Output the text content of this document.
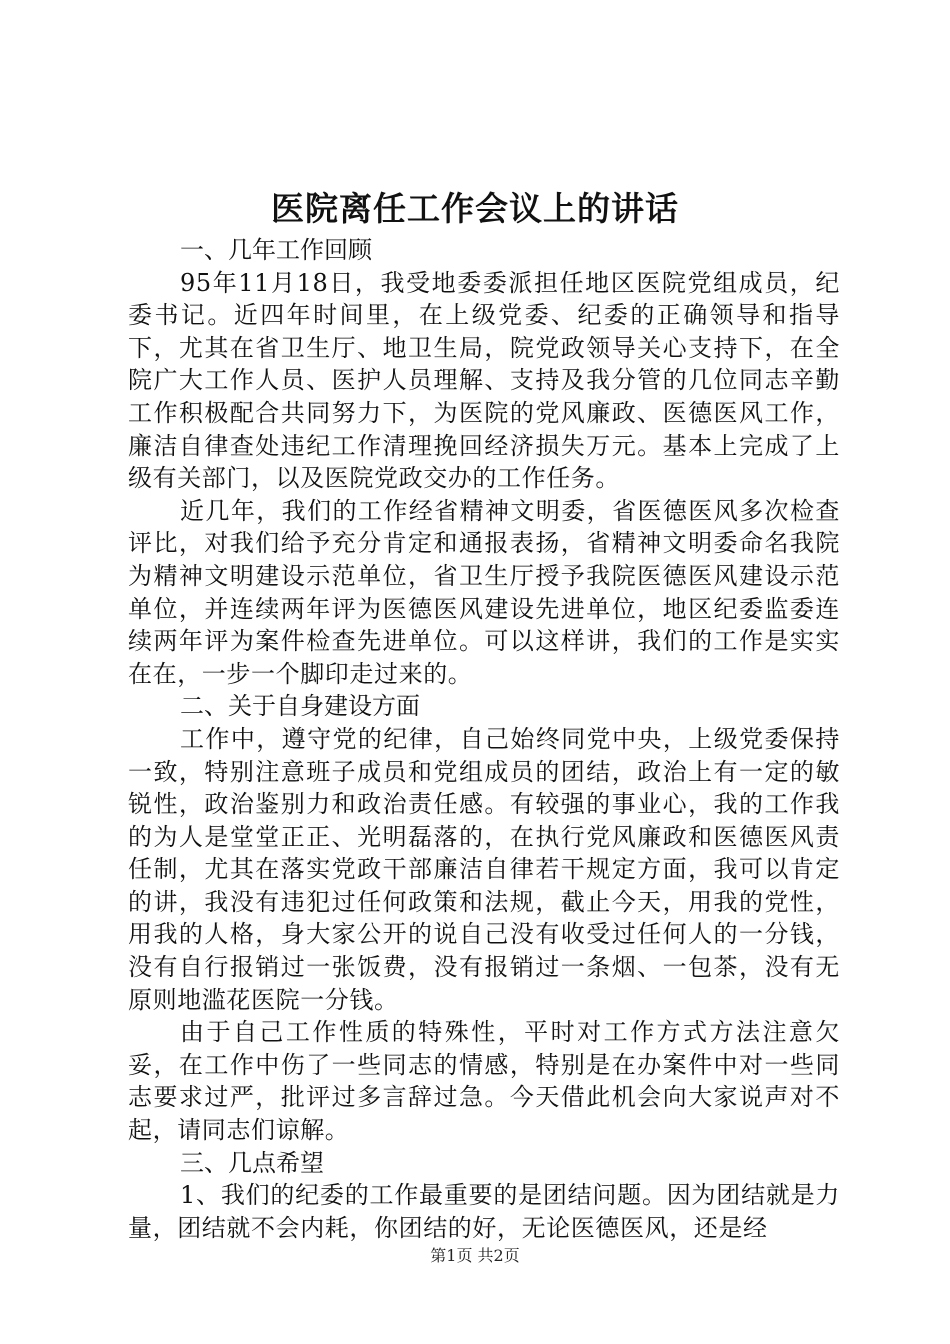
医院离任工作会议上的讲话

一、几年工作回顾

95年11月18日，我受地委委派担任地区医院党组成员，纪委书记。近四年时间里，在上级党委、纪委的正确领导和指导下，尤其在省卫生厅、地卫生局，院党政领导关心支持下，在全院广大工作人员、医护人员理解、支持及我分管的几位同志辛勤工作积极配合共同努力下，为医院的党风廉政、医德医风工作，廉洁自律查处违纪工作清理挽回经济损失万元。基本上完成了上级有关部门，以及医院党政交办的工作任务。

近几年，我们的工作经省精神文明委，省医德医风多次检查评比，对我们给予充分肯定和通报表扬，省精神文明委命名我院为精神文明建设示范单位，省卫生厅授予我院医德医风建设示范单位，并连续两年评为医德医风建设先进单位，地区纪委监委连续两年评为案件检查先进单位。可以这样讲，我们的工作是实实在在，一步一个脚印走过来的。

二、关于自身建设方面

工作中，遵守党的纪律，自己始终同党中央，上级党委保持一致，特别注意班子成员和党组成员的团结，政治上有一定的敏锐性，政治鉴别力和政治责任感。有较强的事业心，我的工作我的为人是堂堂正正、光明磊落的，在执行党风廉政和医德医风责任制，尤其在落实党政干部廉洁自律若干规定方面，我可以肯定的讲，我没有违犯过任何政策和法规，截止今天，用我的党性，用我的人格，身大家公开的说自己没有收受过任何人的一分钱，没有自行报销过一张饭费，没有报销过一条烟、一包茶，没有无原则地滥花医院一分钱。

由于自己工作性质的特殊性，平时对工作方式方法注意欠妥，在工作中伤了一些同志的情感，特别是在办案件中对一些同志要求过严，批评过多言辞过急。今天借此机会向大家说声对不起，请同志们谅解。

三、几点希望

1、我们的纪委的工作最重要的是团结问题。因为团结就是力量，团结就不会内耗，你团结的好，无论医德医风，还是经

第1页 共2页
